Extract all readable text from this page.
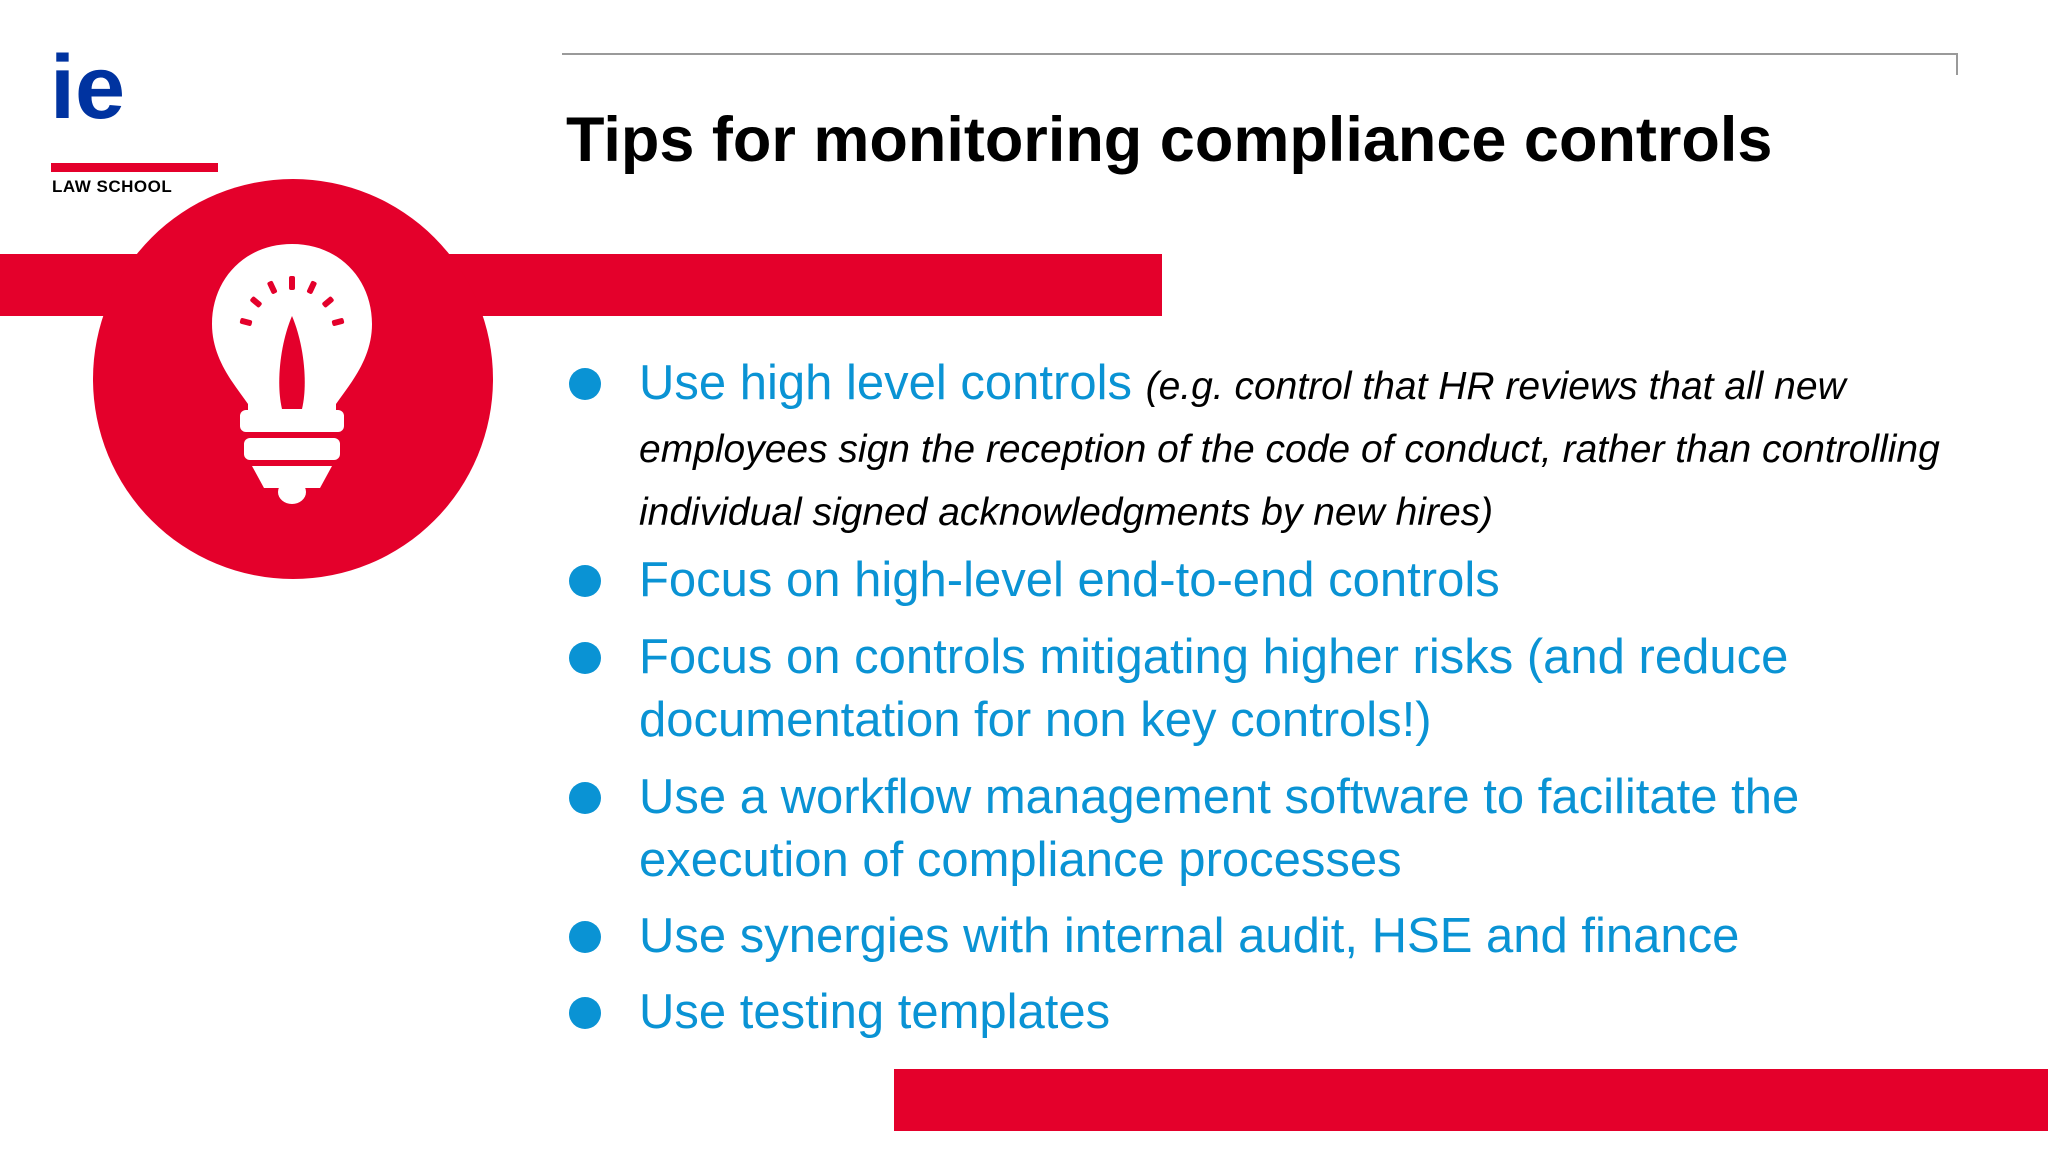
ie
LAW SCHOOL
Tips for monitoring compliance controls
Use high level controls (e.g. control that HR reviews that all new employees sign the reception of the code of conduct, rather than controlling individual signed acknowledgments by new hires)
Focus on high-level end-to-end controls
Focus on controls mitigating higher risks (and reduce documentation for non key controls!)
Use a workflow management software to facilitate the execution of compliance processes
Use synergies with internal audit, HSE and finance
Use testing templates
